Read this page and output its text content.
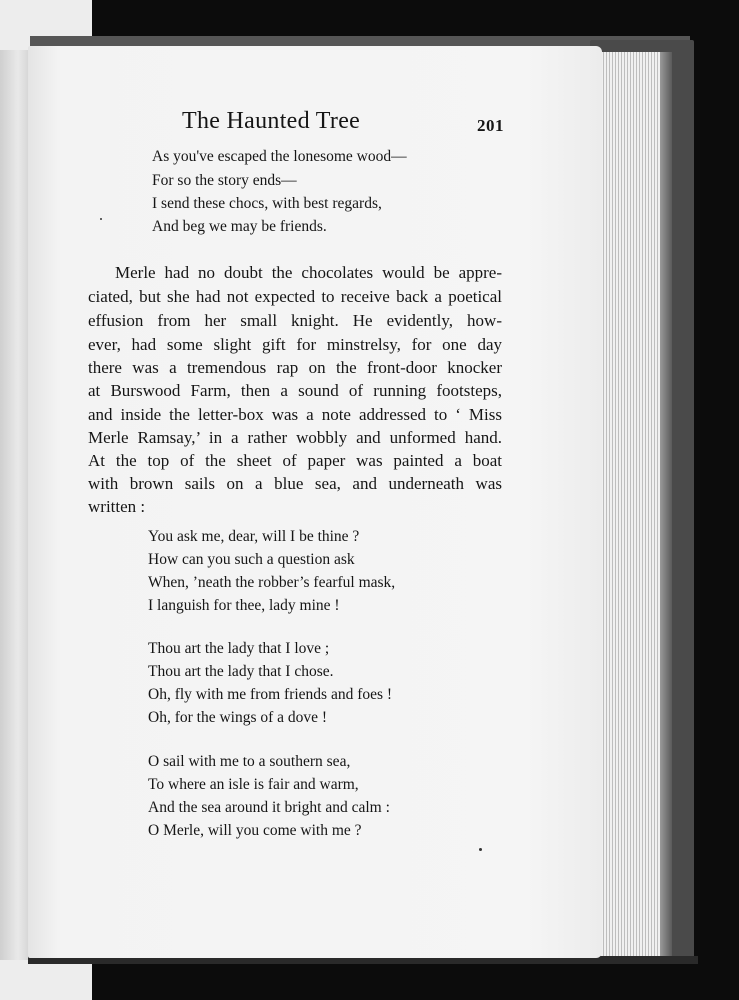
The Haunted Tree	201
As you've escaped the lonesome wood—
For so the story ends—
I send these chocs, with best regards,
And beg we may be friends.
Merle had no doubt the chocolates would be appre-
ciated, but she had not expected to receive back a poetical
effusion from her small knight. He evidently, how-
ever, had some slight gift for minstrelsy, for one day
there was a tremendous rap on the front-door knocker
at Burswood Farm, then a sound of running footsteps,
and inside the letter-box was a note addressed to ‘ Miss
Merle Ramsay,’ in a rather wobbly and unformed hand.
At the top of the sheet of paper was painted a boat
with brown sails on a blue sea, and underneath was
written :
You ask me, dear, will I be thine ?
How can you such a question ask
When, ’neath the robber’s fearful mask,
I languish for thee, lady mine !
Thou art the lady that I love ;
Thou art the lady that I chose.
Oh, fly with me from friends and foes !
Oh, for the wings of a dove !
O sail with me to a southern sea,
To where an isle is fair and warm,
And the sea around it bright and calm :
O Merle, will you come with me ?
